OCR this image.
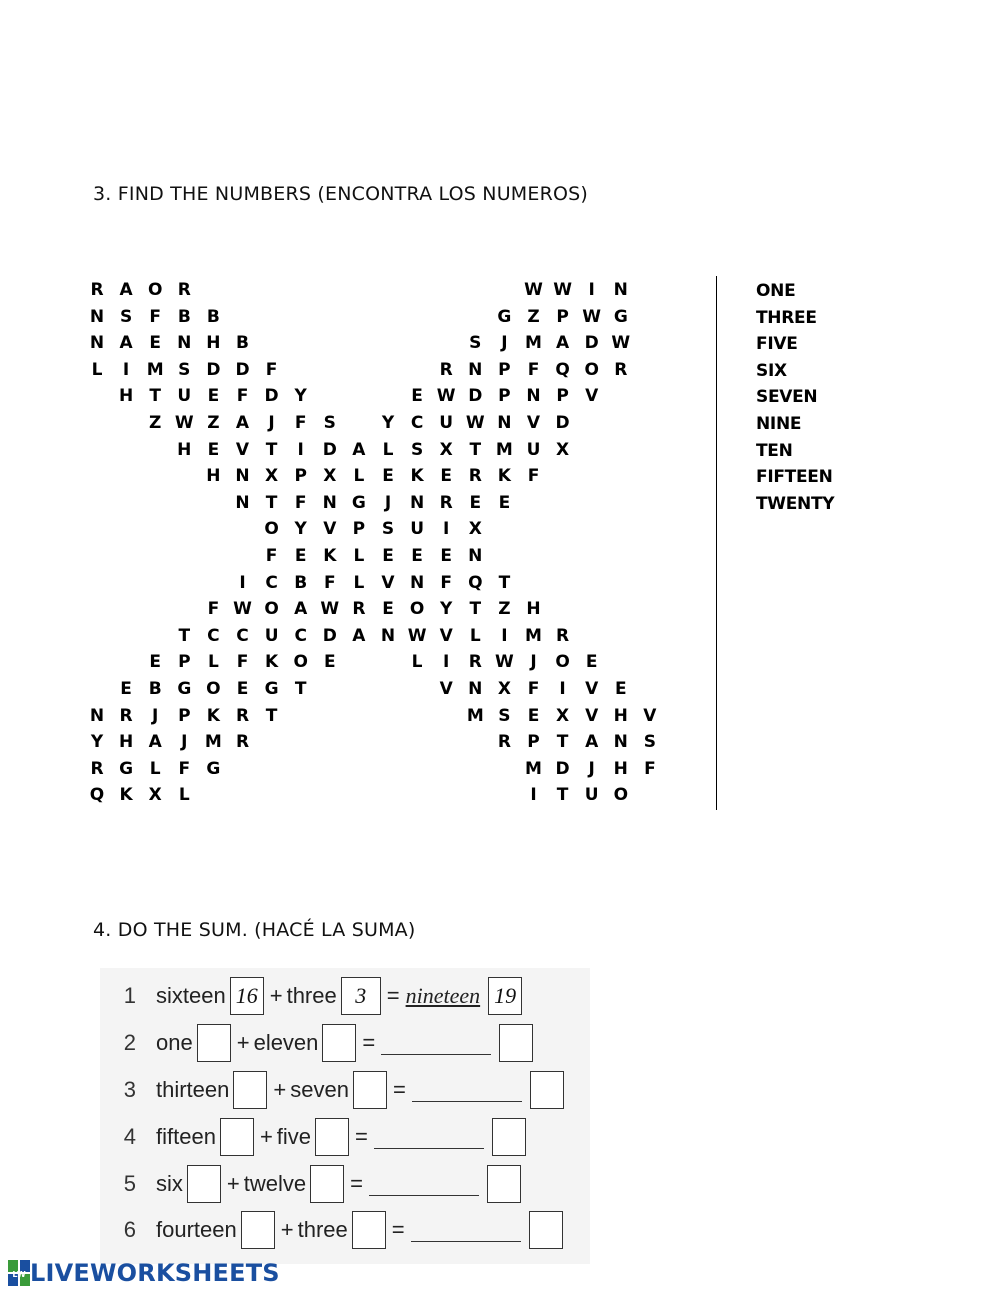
3. FIND THE NUMBERS (ENCONTRA LOS NUMEROS)
R A O R	W W I	N
N S	F B B	G Z P W G
N A E N H B	S	J	M A D W
L	I	M S D D F	R N P	F Q O R
H T U E	F D Y	E W D P N P V
Z W Z A	J	F	S	Y C U W N V D
H E V T	I	D A	L	S X T M U X
H N X P X	L	E K E R K F
N T	F N G	J	N R E	E
O Y V P S U	I	X
F	E K	L	E	E	E N
I	C B F	L	V N F Q T
F W O A W R E O Y	T	Z H
T	C C U C D A N W V	L	I	M R
E	P	L	F K O E	L	I	R W J	O E
E B G O E G T	V N X F	I	V E
N R	J	P K R T	M S	E X V H V
Y H A	J	M R	R P	T A N S
R G L	F G	M D	J	H F
Q K X	L	I	T U O
ONE
THREE
FIVE
SIX
SEVEN
NINE
TEN
FIFTEEN
TWENTY
4. DO THE SUM. (HACÉ LA SUMA)
1 sixteen 16 + three 3 = nineteen 19
2 one + eleven =
3 thirteen + seven =
4 fifteen + five =
5 six + twelve =
6 fourteen + three =
LW LIVEWORKSHEETS
